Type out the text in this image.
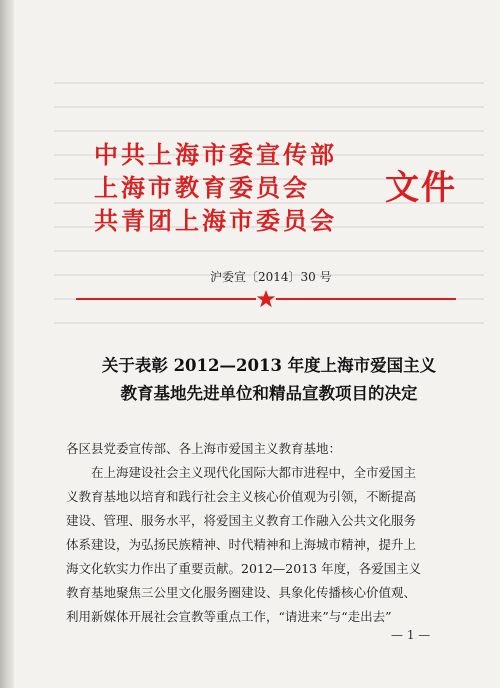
中共上海市委宣传部
上海市教育委员会
共青团上海市委员会
文件
沪委宣〔2014〕30 号
关于表彰 2012—2013 年度上海市爱国主义
教育基地先进单位和精品宣教项目的决定

各区县党委宣传部、各上海市爱国主义教育基地：

在上海建设社会主义现代化国际大都市进程中，全市爱国主

义教育基地以培育和践行社会主义核心价值观为引领，不断提高

建设、管理、服务水平，将爱国主义教育工作融入公共文化服务

体系建设，为弘扬民族精神、时代精神和上海城市精神，提升上

海文化软实力作出了重要贡献。2012—2013 年度，各爱国主义

教育基地聚焦三公里文化服务圈建设、具象化传播核心价值观、

利用新媒体开展社会宣教等重点工作，“请进来”与“走出去”

— 1 —
